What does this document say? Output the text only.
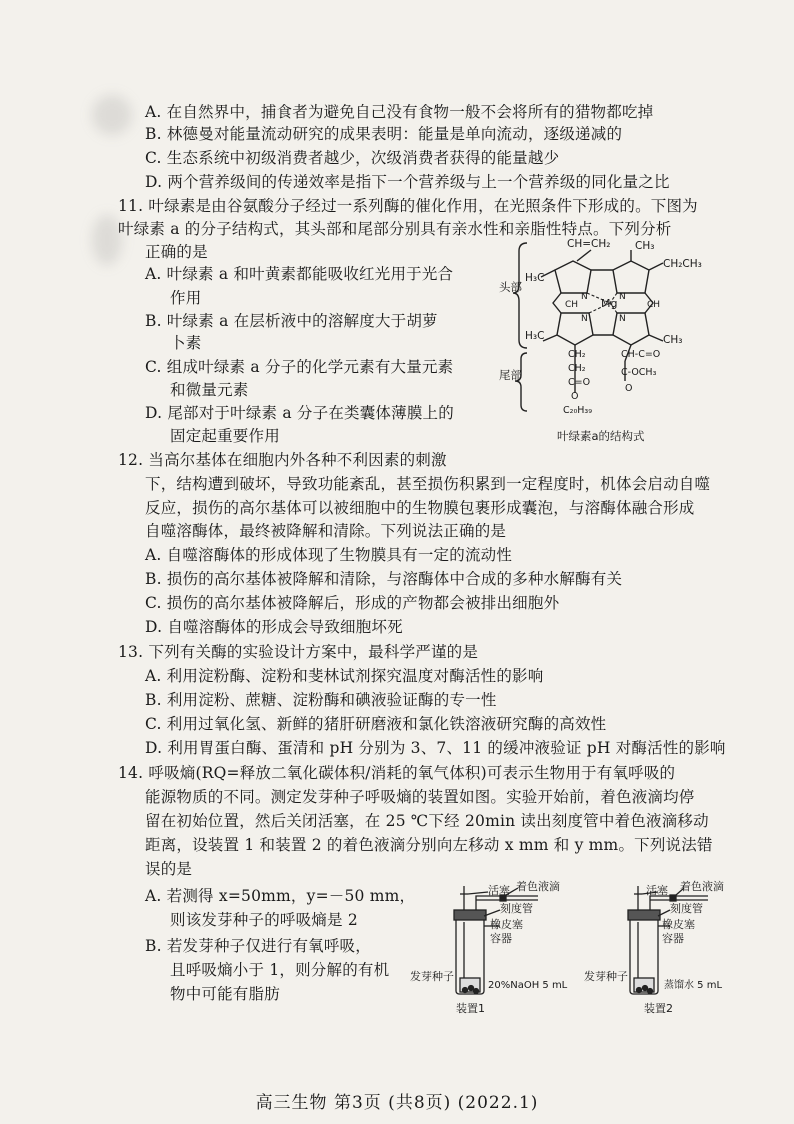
A. 在自然界中，捕食者为避免自己没有食物一般不会将所有的猎物都吃掉
B. 林德曼对能量流动研究的成果表明：能量是单向流动，逐级递减的
C. 生态系统中初级消费者越少，次级消费者获得的能量越少
D. 两个营养级间的传递效率是指下一个营养级与上一个营养级的同化量之比
11. 叶绿素是由谷氨酸分子经过一系列酶的催化作用，在光照条件下形成的。下图为
叶绿素 a 的分子结构式，其头部和尾部分别具有亲水性和亲脂性特点。下列分析
正确的是
A. 叶绿素 a 和叶黄素都能吸收红光用于光合
作用
B. 叶绿素 a 在层析液中的溶解度大于胡萝
卜素
C. 组成叶绿素 a 分子的化学元素有大量元素
和微量元素
D. 尾部对于叶绿素 a 分子在类囊体薄膜上的
固定起重要作用
CH=CH₂ CH₃
H₃C
CH₂CH₃
Mg
N	N
N	N
CH	CH
H₃C	CH₃
CH₂
CH₂
C=O
O
C₂₀H₃₉
CH-C=O
C-OCH₃
O
头部
尾部
叶绿素a的结构式
12. 当高尔基体在细胞内外各种不利因素的刺激
下，结构遭到破坏，导致功能紊乱，甚至损伤积累到一定程度时，机体会启动自噬
反应，损伤的高尔基体可以被细胞中的生物膜包裹形成囊泡，与溶酶体融合形成
自噬溶酶体，最终被降解和清除。下列说法正确的是
A. 自噬溶酶体的形成体现了生物膜具有一定的流动性
B. 损伤的高尔基体被降解和清除，与溶酶体中合成的多种水解酶有关
C. 损伤的高尔基体被降解后，形成的产物都会被排出细胞外
D. 自噬溶酶体的形成会导致细胞坏死
13. 下列有关酶的实验设计方案中，最科学严谨的是
A. 利用淀粉酶、淀粉和斐林试剂探究温度对酶活性的影响
B. 利用淀粉、蔗糖、淀粉酶和碘液验证酶的专一性
C. 利用过氧化氢、新鲜的猪肝研磨液和氯化铁溶液研究酶的高效性
D. 利用胃蛋白酶、蛋清和 pH 分别为 3、7、11 的缓冲液验证 pH 对酶活性的影响
14. 呼吸熵(RQ=释放二氧化碳体积/消耗的氧气体积)可表示生物用于有氧呼吸的
能源物质的不同。测定发芽种子呼吸熵的装置如图。实验开始前，着色液滴均停
留在初始位置，然后关闭活塞，在 25 ℃下经 20min 读出刻度管中着色液滴移动
距离，设装置 1 和装置 2 的着色液滴分别向左移动 x mm 和 y mm。下列说法错
误的是
A. 若测得 x=50mm，y=－50 mm，
则该发芽种子的呼吸熵是 2
B. 若发芽种子仅进行有氧呼吸，
且呼吸熵小于 1，则分解的有机
物中可能有脂肪
活塞 着色液滴
刻度管
橡皮塞
容器
发芽种子
20%NaOH 5 mL
装置1
活塞 着色液滴
刻度管
橡皮塞
容器
发芽种子
蒸馏水 5 mL
装置2
高三生物 第3页 (共8页) (2022.1)
